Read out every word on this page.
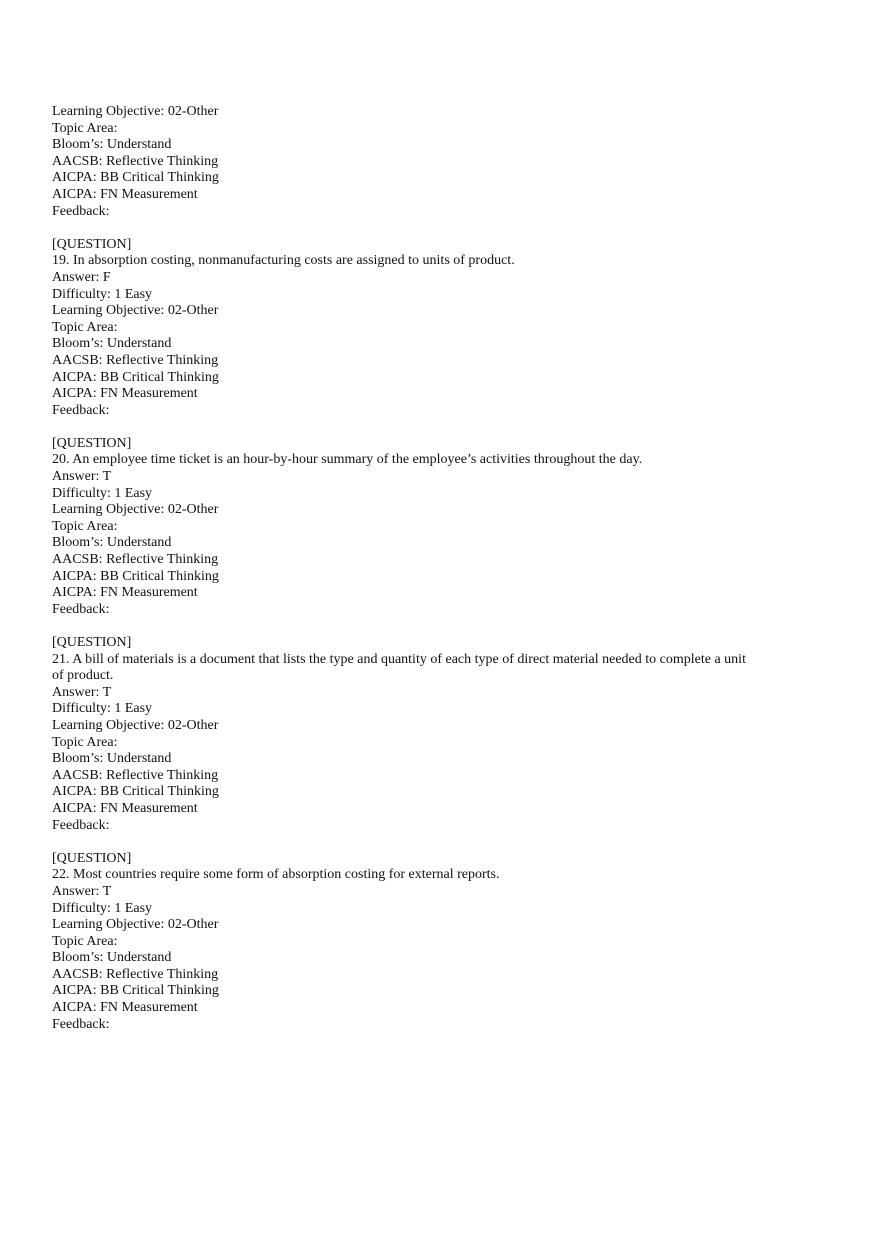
Learning Objective: 02-Other
Topic Area:
Bloom’s: Understand
AACSB: Reflective Thinking
AICPA: BB Critical Thinking
AICPA: FN Measurement
Feedback:
[QUESTION]
19. In absorption costing, nonmanufacturing costs are assigned to units of product.
Answer: F
Difficulty: 1 Easy
Learning Objective: 02-Other
Topic Area:
Bloom’s: Understand
AACSB: Reflective Thinking
AICPA: BB Critical Thinking
AICPA: FN Measurement
Feedback:
[QUESTION]
20. An employee time ticket is an hour-by-hour summary of the employee’s activities throughout the day.
Answer: T
Difficulty: 1 Easy
Learning Objective: 02-Other
Topic Area:
Bloom’s: Understand
AACSB: Reflective Thinking
AICPA: BB Critical Thinking
AICPA: FN Measurement
Feedback:
[QUESTION]
21. A bill of materials is a document that lists the type and quantity of each type of direct material needed to complete a unit of product.
Answer: T
Difficulty: 1 Easy
Learning Objective: 02-Other
Topic Area:
Bloom’s: Understand
AACSB: Reflective Thinking
AICPA: BB Critical Thinking
AICPA: FN Measurement
Feedback:
[QUESTION]
22. Most countries require some form of absorption costing for external reports.
Answer: T
Difficulty: 1 Easy
Learning Objective: 02-Other
Topic Area:
Bloom’s: Understand
AACSB: Reflective Thinking
AICPA: BB Critical Thinking
AICPA: FN Measurement
Feedback:
